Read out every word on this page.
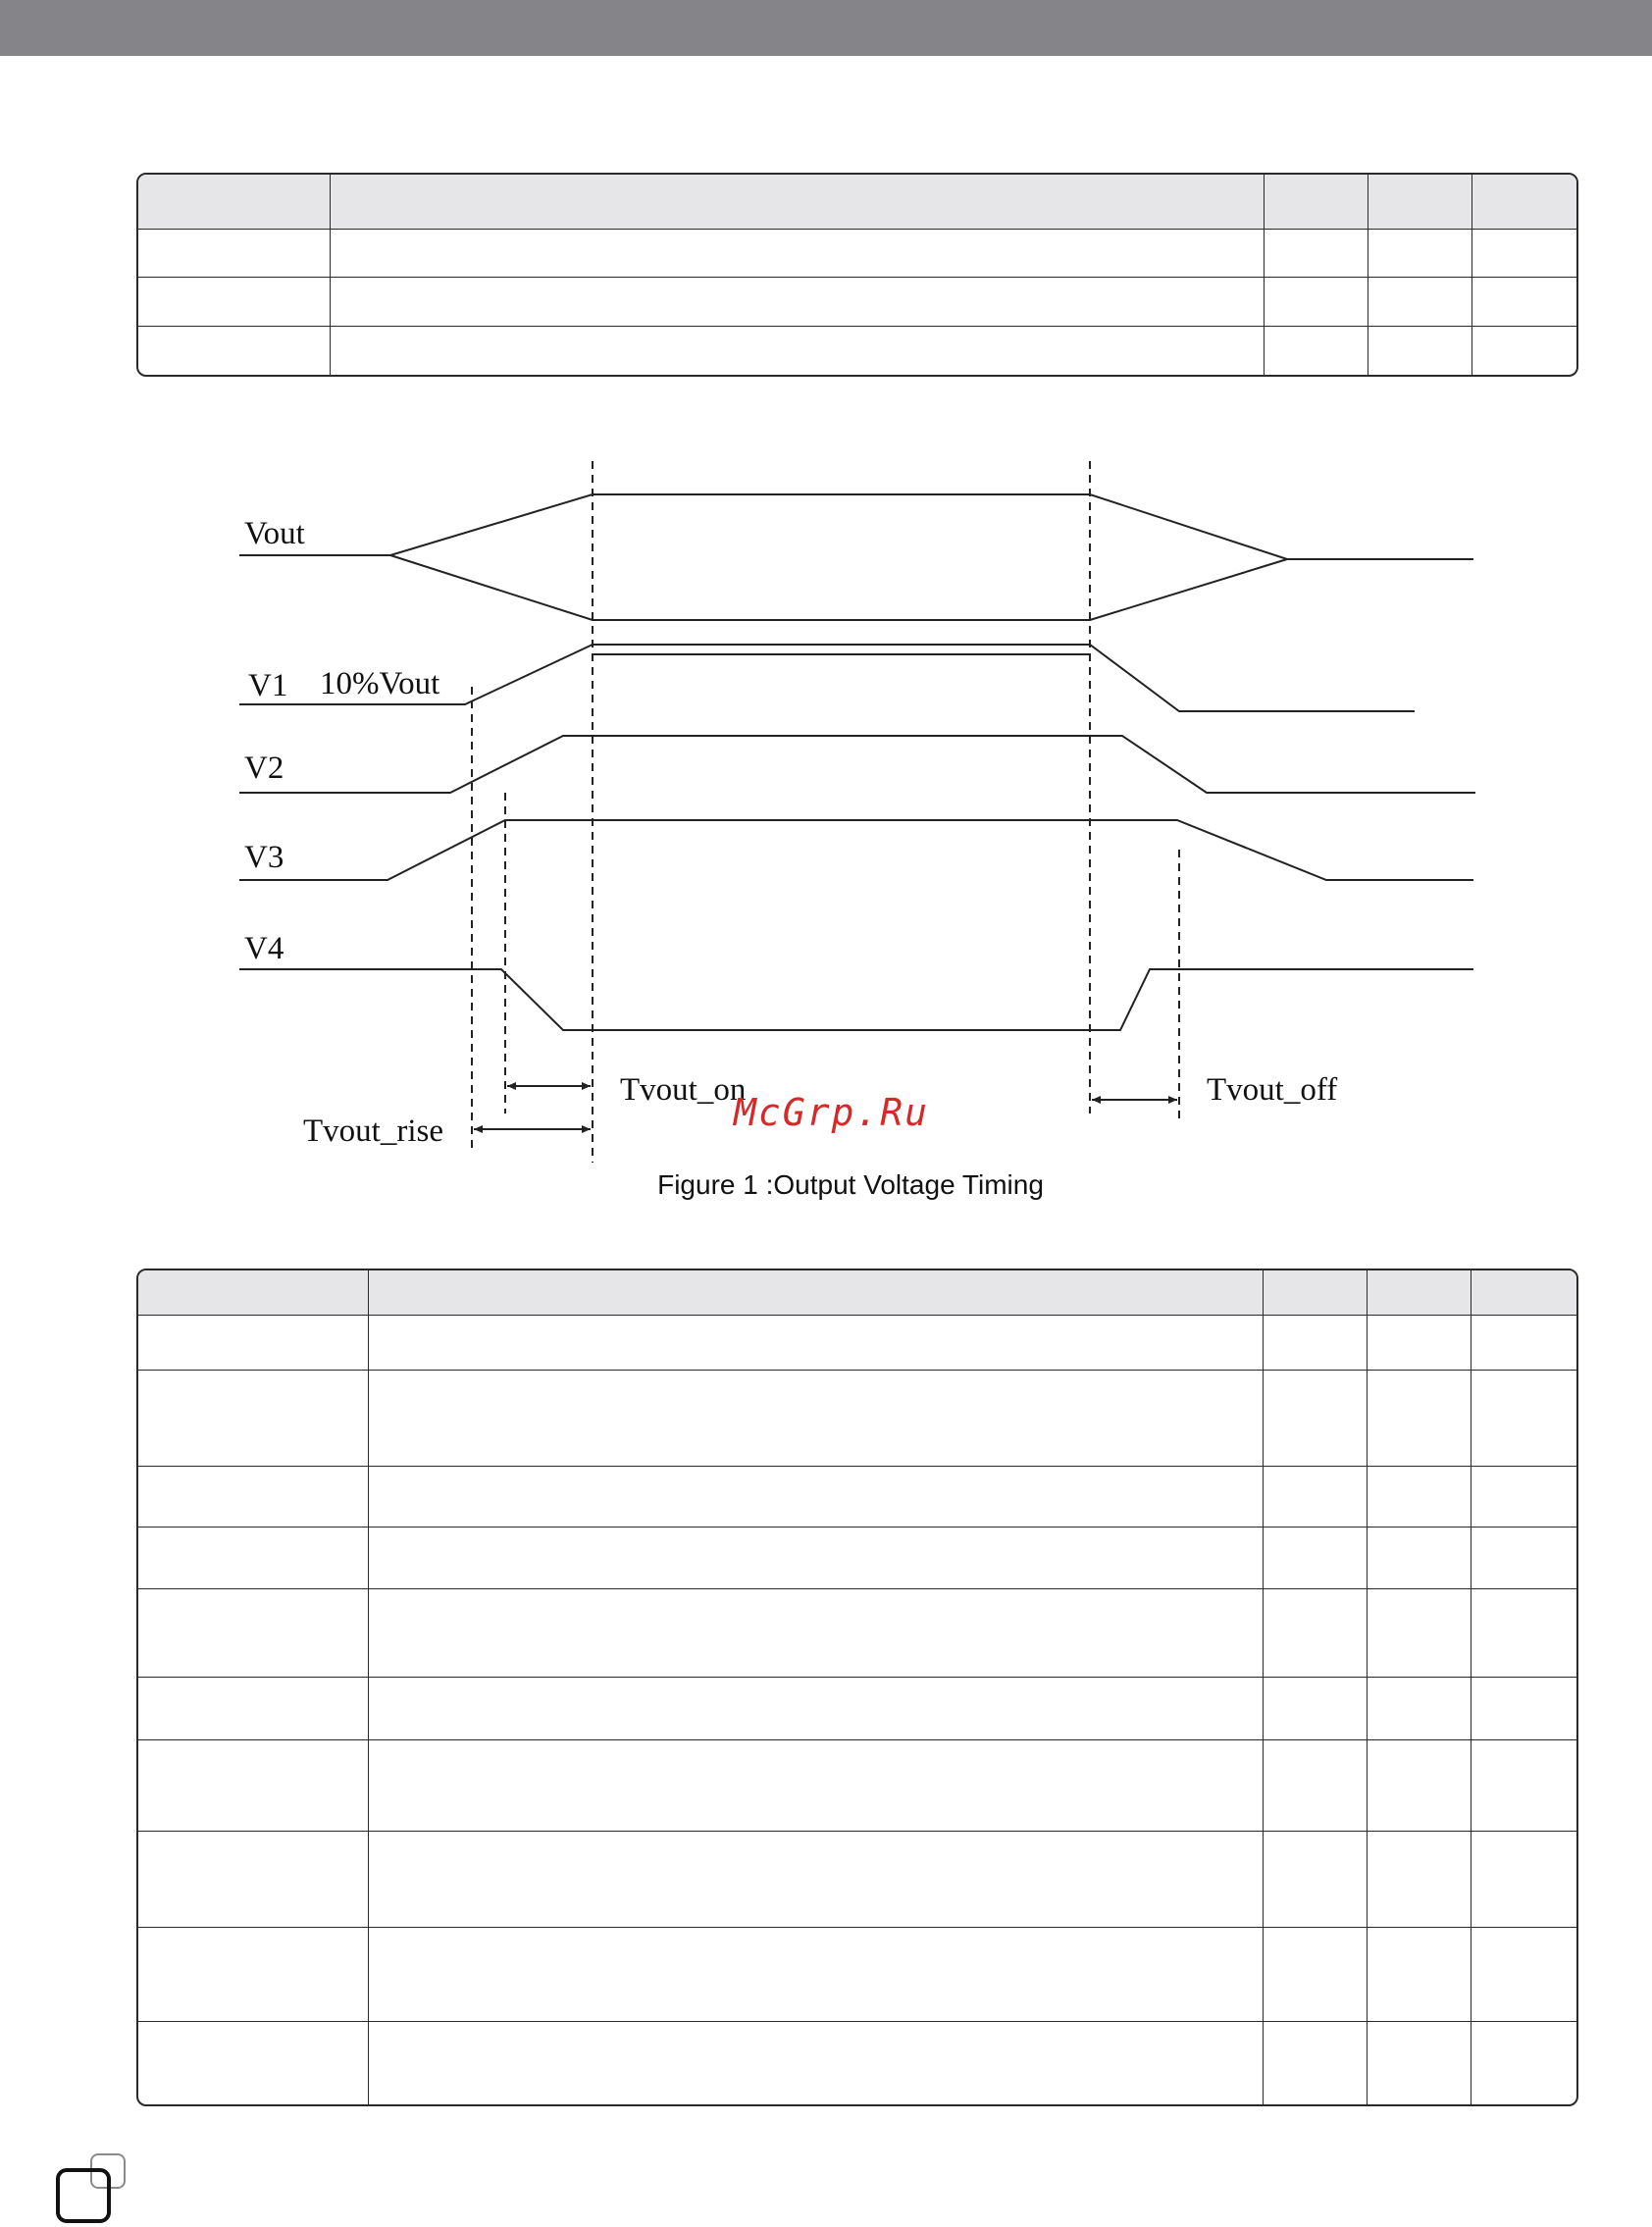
Vout
V1 10%Vout
V2
V3
V4
Tvout_on
Tvout_rise
Tvout_off
McGrp.Ru
Figure 1 :Output Voltage Timing
